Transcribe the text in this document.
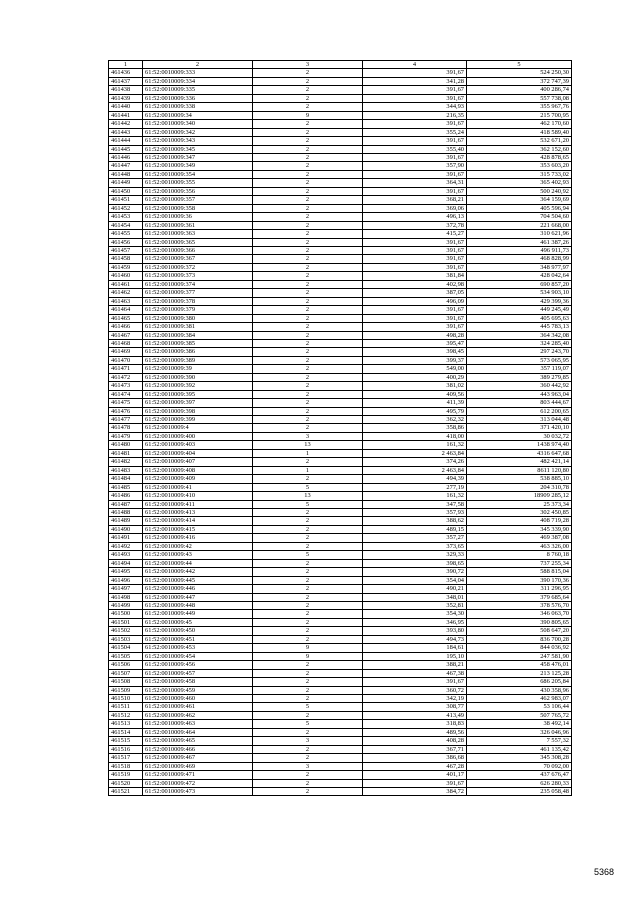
1	2	3	4	5
461436	61:52:0010009:333	2	391,67	524 250,30
461437	61:52:0010009:334	2	341,28	372 747,39
461438	61:52:0010009:335	2	391,67	400 286,74
461439	61:52:0010009:336	2	391,67	557 738,08
461440	61:52:0010009:338	2	344,93	355 967,76
461441	61:52:0010009:34	9	216,35	215 700,95
461442	61:52:0010009:340	2	391,67	462 170,60
461443	61:52:0010009:342	2	355,24	418 589,40
461444	61:52:0010009:343	2	391,67	532 671,20
461445	61:52:0010009:345	2	355,40	362 152,60
461446	61:52:0010009:347	2	391,67	428 878,65
461447	61:52:0010009:349	2	357,90	353 603,20
461448	61:52:0010009:354	2	391,67	315 733,02
461449	61:52:0010009:355	2	364,31	365 402,93
461450	61:52:0010009:356	2	391,67	500 240,92
461451	61:52:0010009:357	2	368,21	364 159,69
461452	61:52:0010009:358	2	369,06	405 596,94
461453	61:52:0010009:36	2	496,13	704 504,60
461454	61:52:0010009:361	2	372,78	221 668,00
461455	61:52:0010009:363	2	415,27	310 621,96
461456	61:52:0010009:365	2	391,67	461 387,26
461457	61:52:0010009:366	2	391,67	496 911,73
461458	61:52:0010009:367	2	391,67	468 828,99
461459	61:52:0010009:372	2	391,67	348 977,97
461460	61:52:0010009:373	2	381,84	428 042,64
461461	61:52:0010009:374	2	402,98	690 857,20
461462	61:52:0010009:377	2	387,05	534 903,10
461463	61:52:0010009:378	2	496,09	429 399,36
461464	61:52:0010009:379	2	391,67	449 245,49
461465	61:52:0010009:380	2	391,67	405 695,63
461466	61:52:0010009:381	2	391,67	445 783,13
461467	61:52:0010009:384	2	498,28	364 342,08
461468	61:52:0010009:385	2	395,47	324 285,40
461469	61:52:0010009:386	2	398,45	297 243,70
461470	61:52:0010009:389	2	399,37	573 065,95
461471	61:52:0010009:39	2	549,00	357 119,07
461472	61:52:0010009:390	2	400,29	389 279,85
461473	61:52:0010009:392	2	381,02	360 442,92
461474	61:52:0010009:395	2	409,56	443 963,04
461475	61:52:0010009:397	2	411,39	803 444,67
461476	61:52:0010009:398	2	495,79	612 200,65
461477	61:52:0010009:399	2	362,32	313 044,48
461478	61:52:0010009:4	2	358,86	371 420,10
461479	61:52:0010009:400	3	418,00	30 032,72
461480	61:52:0010009:403	13	161,32	1438 974,40
461481	61:52:0010009:404	1	2 463,84	4316 647,68
461482	61:52:0010009:407	2	374,26	482 421,14
461483	61:52:0010009:408	1	2 463,84	8611 120,80
461484	61:52:0010009:409	2	494,39	538 885,10
461485	61:52:0010009:41	5	277,19	204 310,78
461486	61:52:0010009:410	13	161,32	18909 285,12
461487	61:52:0010009:411	5	347,58	25 373,34
461488	61:52:0010009:413	2	357,93	302 450,85
461489	61:52:0010009:414	2	388,62	408 719,28
461490	61:52:0010009:415	2	489,15	345 339,90
461491	61:52:0010009:416	2	357,27	469 387,08
461492	61:52:0010009:42	2	373,65	463 326,00
461493	61:52:0010009:43	5	329,33	8 760,18
461494	61:52:0010009:44	2	398,65	737 255,34
461495	61:52:0010009:442	2	390,72	588 815,04
461496	61:52:0010009:445	2	354,04	390 170,36
461497	61:52:0010009:446	2	490,21	311 296,95
461498	61:52:0010009:447	2	348,01	379 685,64
461499	61:52:0010009:448	2	352,81	378 576,70
461500	61:52:0010009:449	2	354,30	346 063,70
461501	61:52:0010009:45	2	346,95	390 805,65
461502	61:52:0010009:450	2	393,80	508 647,20
461503	61:52:0010009:451	2	494,73	836 700,28
461504	61:52:0010009:453	9	184,61	844 036,92
461505	61:52:0010009:454	9	195,10	247 581,90
461506	61:52:0010009:456	2	388,21	458 476,01
461507	61:52:0010009:457	2	467,38	213 125,28
461508	61:52:0010009:458	2	391,67	686 205,84
461509	61:52:0010009:459	2	360,72	430 358,96
461510	61:52:0010009:460	2	342,19	462 983,07
461511	61:52:0010009:461	5	308,77	53 106,44
461512	61:52:0010009:462	2	413,49	507 765,72
461513	61:52:0010009:463	5	318,83	38 492,14
461514	61:52:0010009:464	2	489,56	326 046,96
461515	61:52:0010009:465	3	408,28	7 557,32
461516	61:52:0010009:466	2	367,71	461 135,42
461517	61:52:0010009:467	2	386,68	345 308,28
461518	61:52:0010009:469	3	467,28	70 092,00
461519	61:52:0010009:471	2	401,17	437 676,47
461520	61:52:0010009:472	2	391,67	626 280,33
461521	61:52:0010009:473	2	384,72	235 058,48
5368
